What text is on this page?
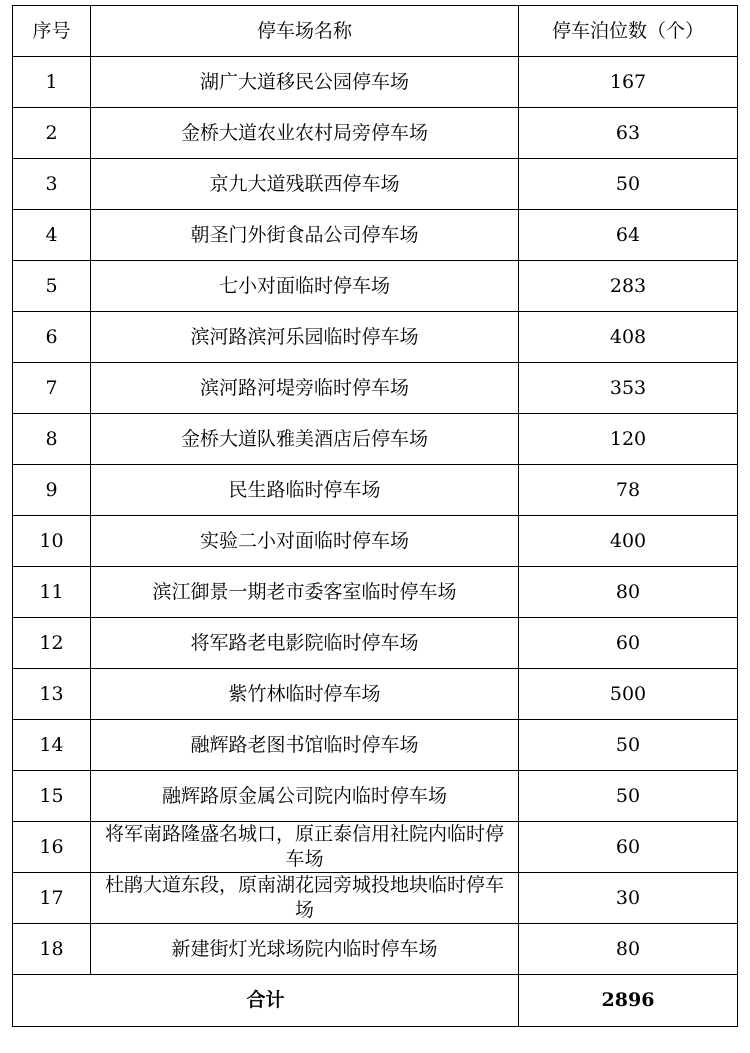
序号	停车场名称	停车泊位数（个）
1	湖广大道移民公园停车场	167
2	金桥大道农业农村局旁停车场	63
3	京九大道残联西停车场	50
4	朝圣门外街食品公司停车场	64
5	七小对面临时停车场	283
6	滨河路滨河乐园临时停车场	408
7	滨河路河堤旁临时停车场	353
8	金桥大道队雅美酒店后停车场	120
9	民生路临时停车场	78
10	实验二小对面临时停车场	400
11	滨江御景一期老市委客室临时停车场	80
12	将军路老电影院临时停车场	60
13	紫竹林临时停车场	500
14	融辉路老图书馆临时停车场	50
15	融辉路原金属公司院内临时停车场	50
16	将军南路隆盛名城口，原正泰信用社院内临时停车场	60
17	杜鹃大道东段，原南湖花园旁城投地块临时停车场	30
18	新建街灯光球场院内临时停车场	80
合计		2896
